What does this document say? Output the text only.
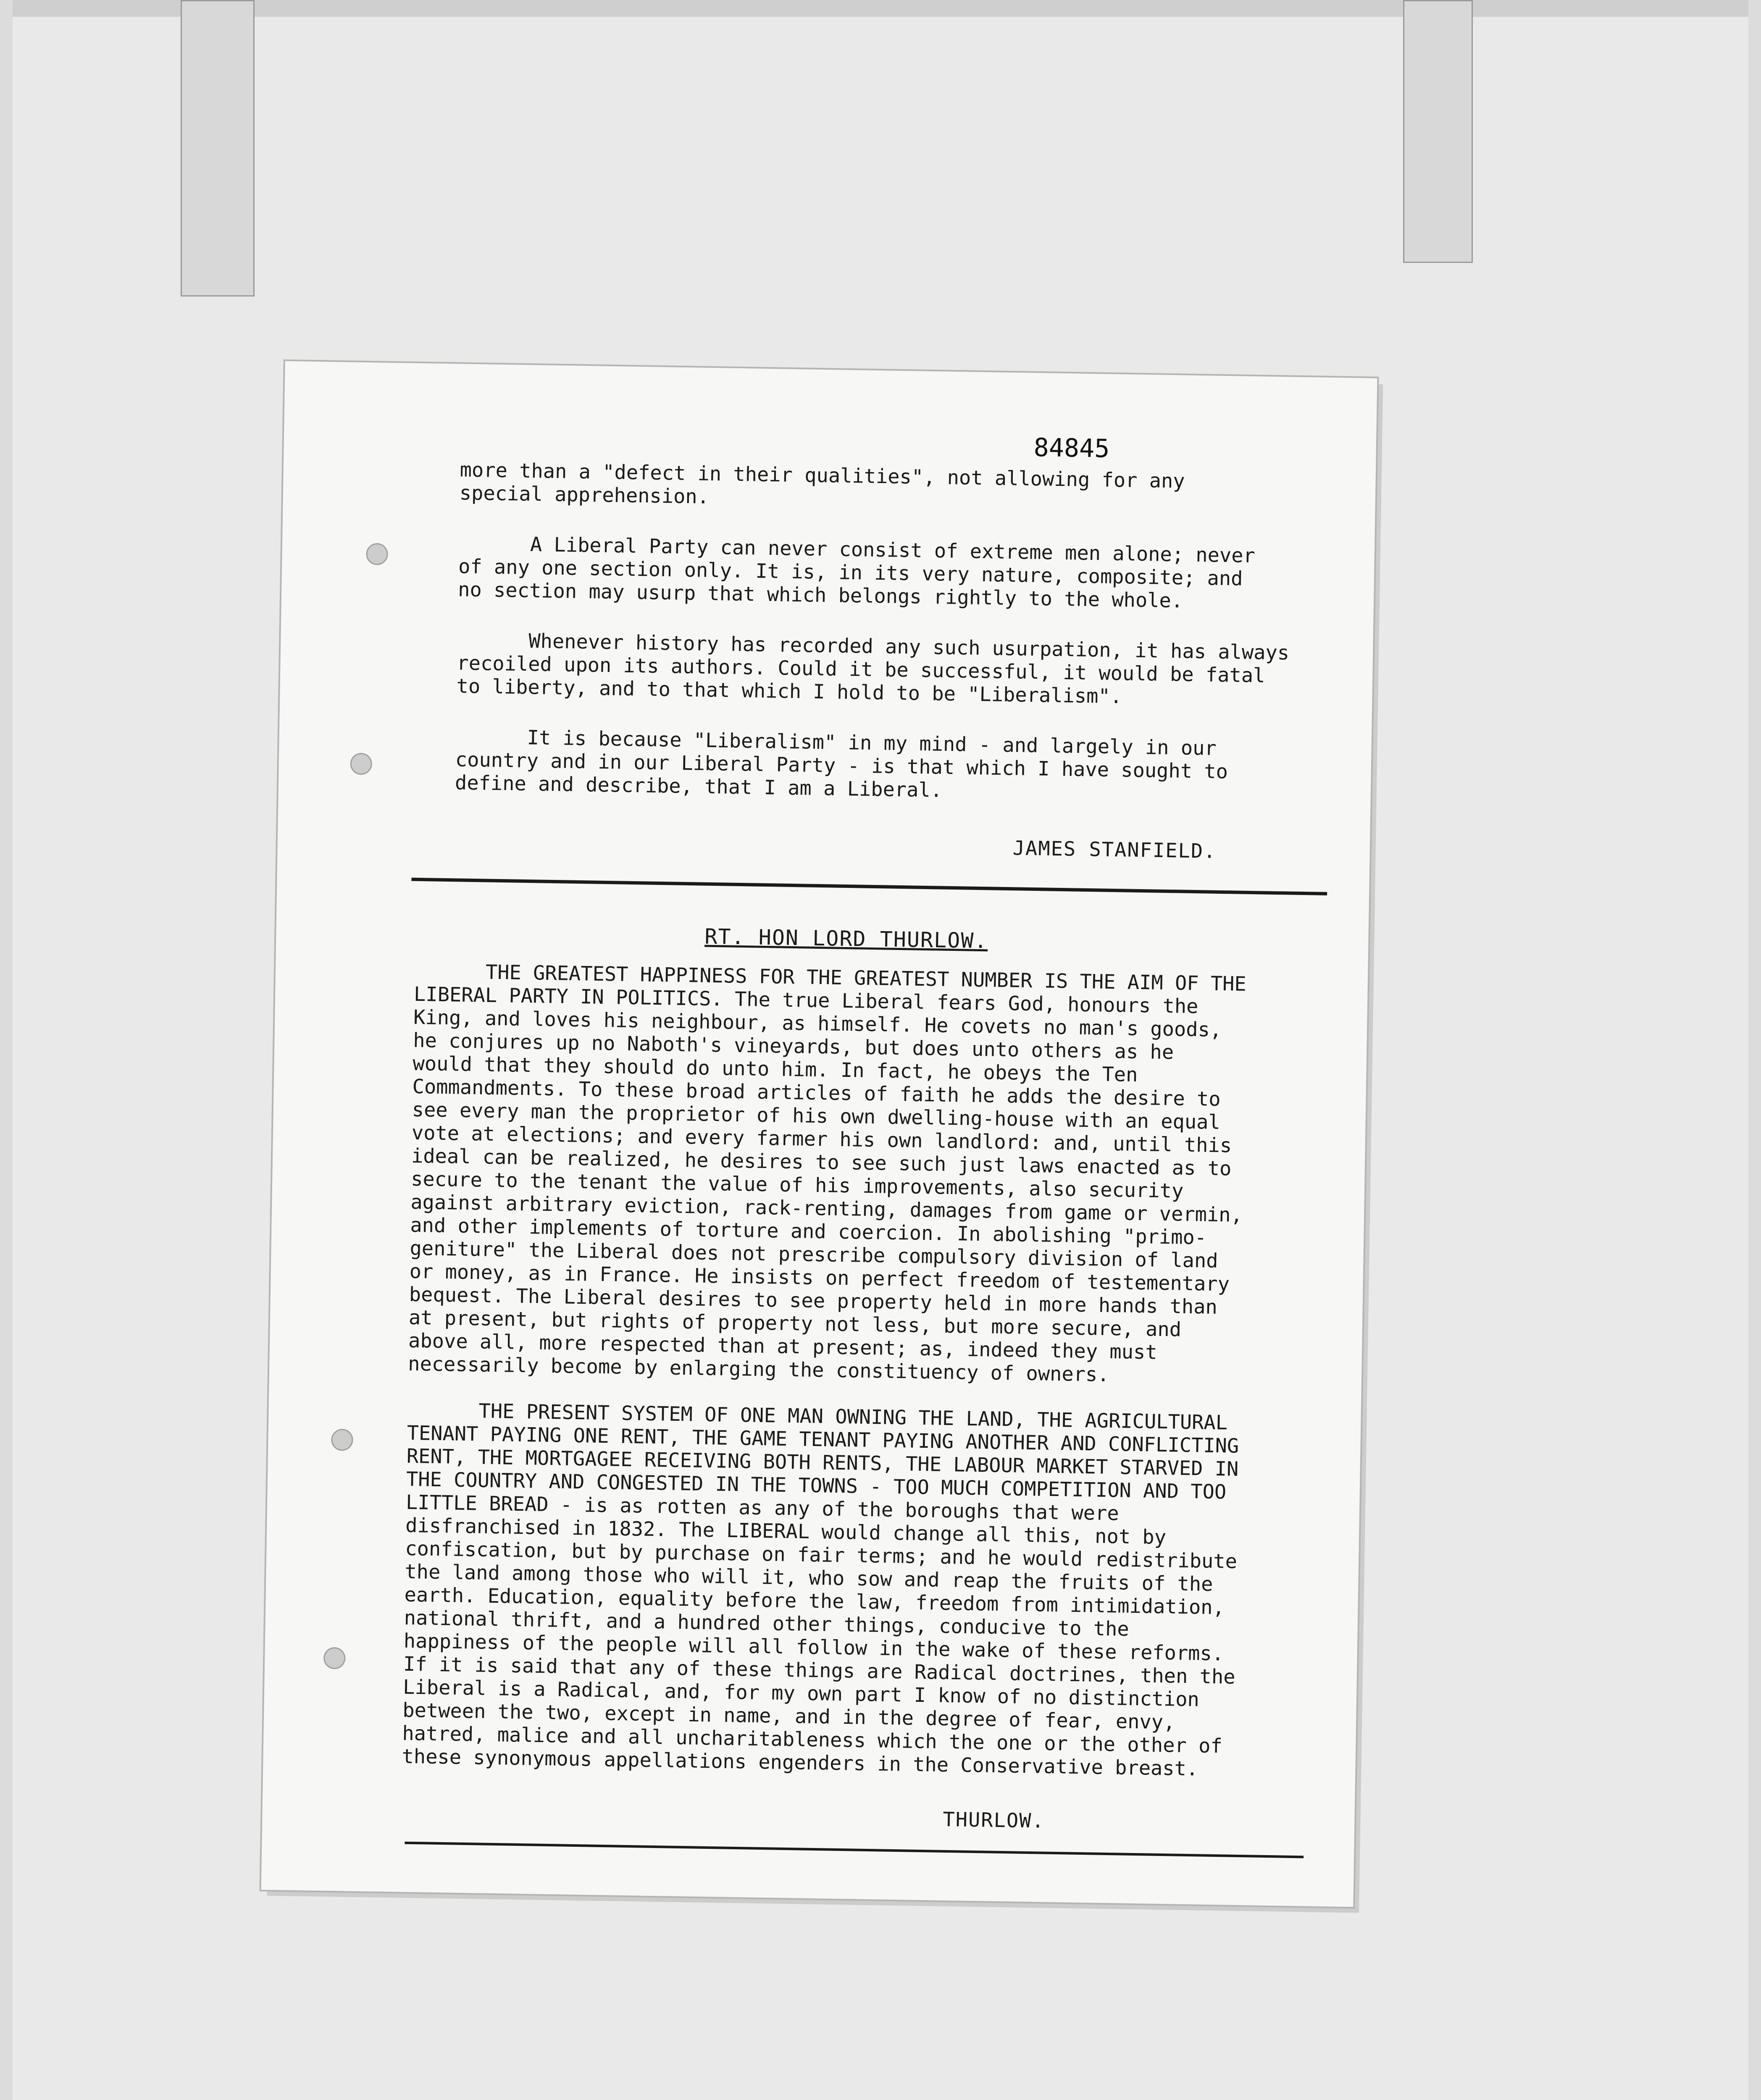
84845

more than a "defect in their qualities", not allowing for any
special apprehension.

A Liberal Party can never consist of extreme men alone; never
of any one section only. It is, in its very nature, composite; and
no section may usurp that which belongs rightly to the whole.

Whenever history has recorded any such usurpation, it has always
recoiled upon its authors. Could it be successful, it would be fatal
to liberty, and to that which I hold to be "Liberalism".

It is because "Liberalism" in my mind - and largely in our
country and in our Liberal Party - is that which I have sought to
define and describe, that I am a Liberal.

JAMES STANFIELD.
RT. HON LORD THURLOW.

THE GREATEST HAPPINESS FOR THE GREATEST NUMBER IS THE AIM OF THE
LIBERAL PARTY IN POLITICS. The true Liberal fears God, honours the
King, and loves his neighbour, as himself. He covets no man's goods,
he conjures up no Naboth's vineyards, but does unto others as he
would that they should do unto him. In fact, he obeys the Ten
Commandments. To these broad articles of faith he adds the desire to
see every man the proprietor of his own dwelling-house with an equal
vote at elections; and every farmer his own landlord: and, until this
ideal can be realized, he desires to see such just laws enacted as to
secure to the tenant the value of his improvements, also security
against arbitrary eviction, rack-renting, damages from game or vermin,
and other implements of torture and coercion. In abolishing "primo-
geniture" the Liberal does not prescribe compulsory division of land
or money, as in France. He insists on perfect freedom of testementary
bequest. The Liberal desires to see property held in more hands than
at present, but rights of property not less, but more secure, and
above all, more respected than at present; as, indeed they must
necessarily become by enlarging the constituency of owners.

THE PRESENT SYSTEM OF ONE MAN OWNING THE LAND, THE AGRICULTURAL
TENANT PAYING ONE RENT, THE GAME TENANT PAYING ANOTHER AND CONFLICTING
RENT, THE MORTGAGEE RECEIVING BOTH RENTS, THE LABOUR MARKET STARVED IN
THE COUNTRY AND CONGESTED IN THE TOWNS - TOO MUCH COMPETITION AND TOO
LITTLE BREAD - is as rotten as any of the boroughs that were
disfranchised in 1832. The LIBERAL would change all this, not by
confiscation, but by purchase on fair terms; and he would redistribute
the land among those who will it, who sow and reap the fruits of the
earth. Education, equality before the law, freedom from intimidation,
national thrift, and a hundred other things, conducive to the
happiness of the people will all follow in the wake of these reforms.
If it is said that any of these things are Radical doctrines, then the
Liberal is a Radical, and, for my own part I know of no distinction
between the two, except in name, and in the degree of fear, envy,
hatred, malice and all uncharitableness which the one or the other of
these synonymous appellations engenders in the Conservative breast.

THURLOW.
